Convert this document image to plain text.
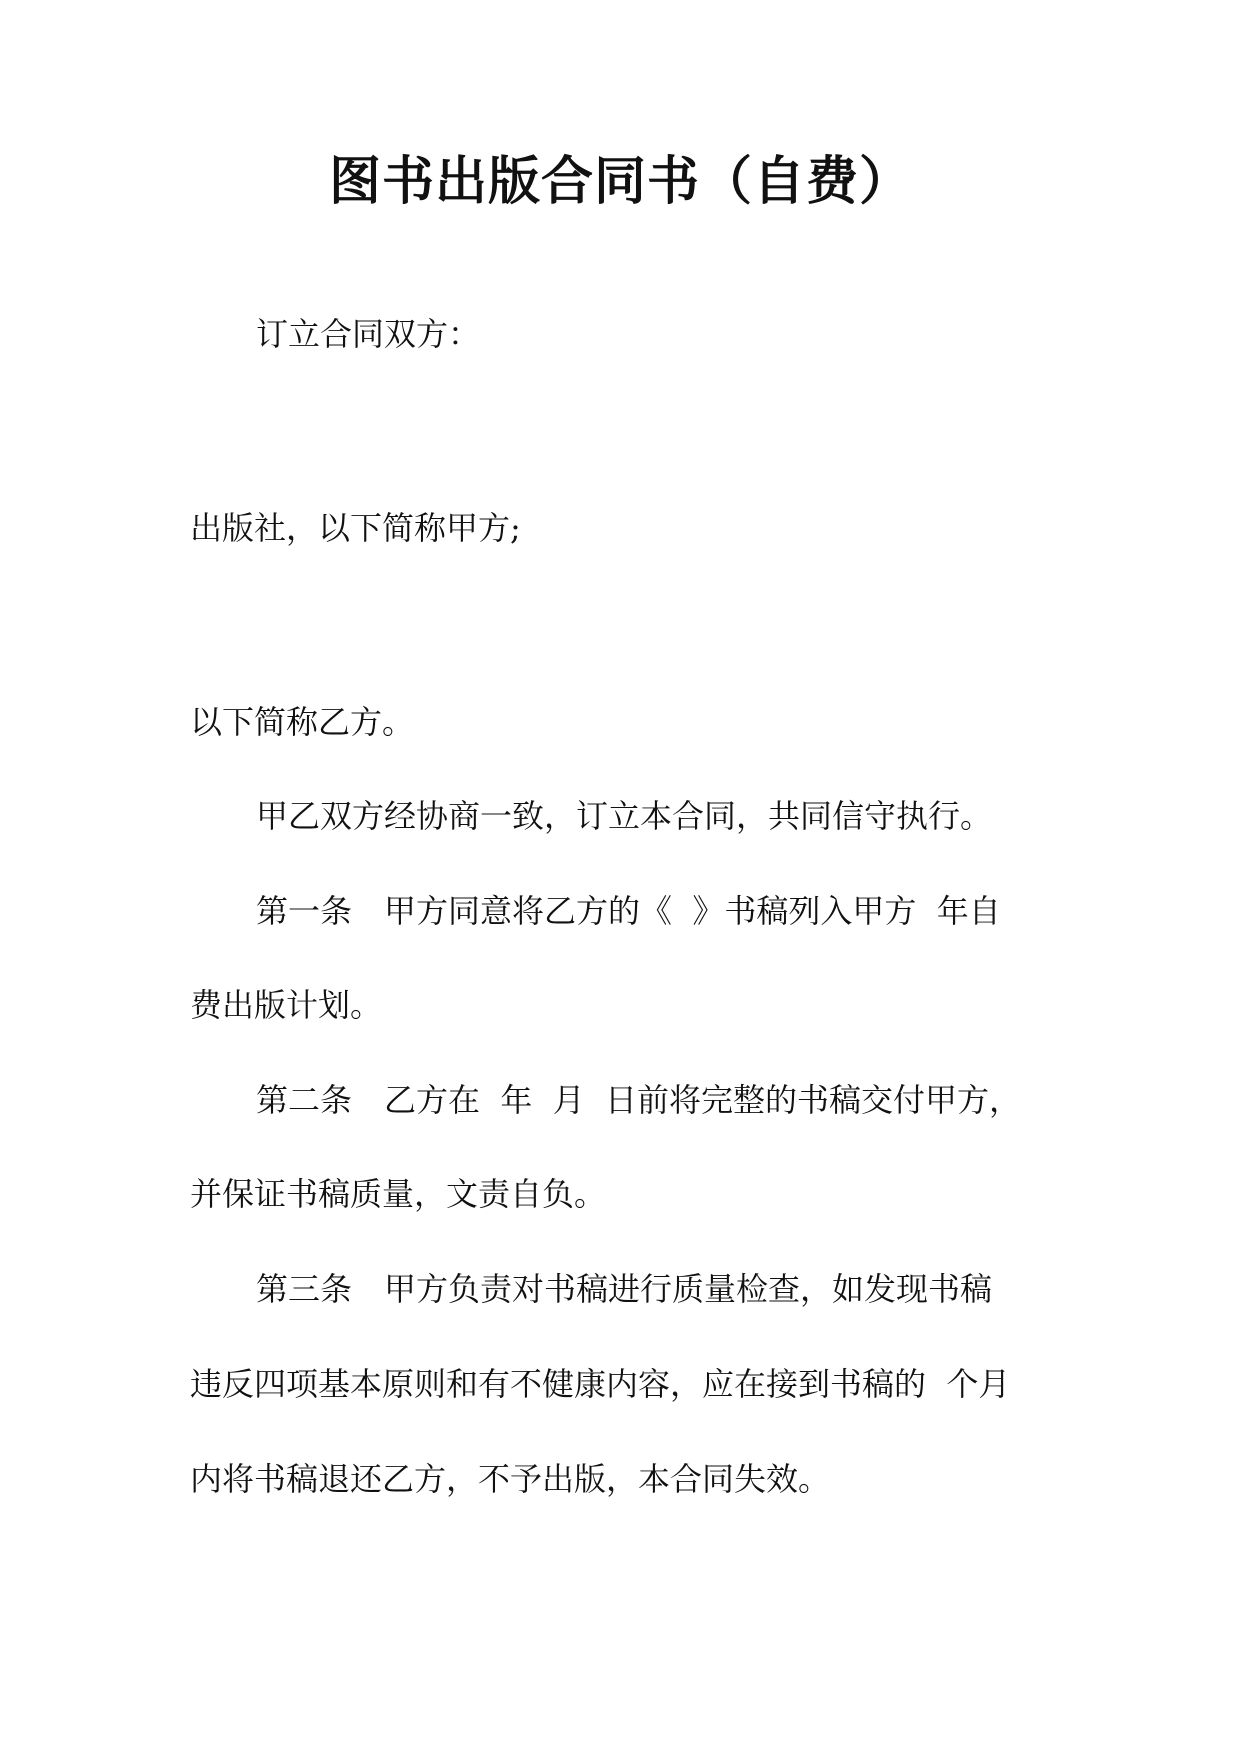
图书出版合同书（自费）
订立合同双方：
出版社，以下简称甲方;
以下简称乙方。
甲乙双方经协商一致，订立本合同，共同信守执行。
第一条　甲方同意将乙方的《  》书稿列入甲方  年自
费出版计划。
第二条　乙方在  年  月  日前将完整的书稿交付甲方，
并保证书稿质量，文责自负。
第三条　甲方负责对书稿进行质量检查，如发现书稿
违反四项基本原则和有不健康内容，应在接到书稿的  个月
内将书稿退还乙方，不予出版，本合同失效。
